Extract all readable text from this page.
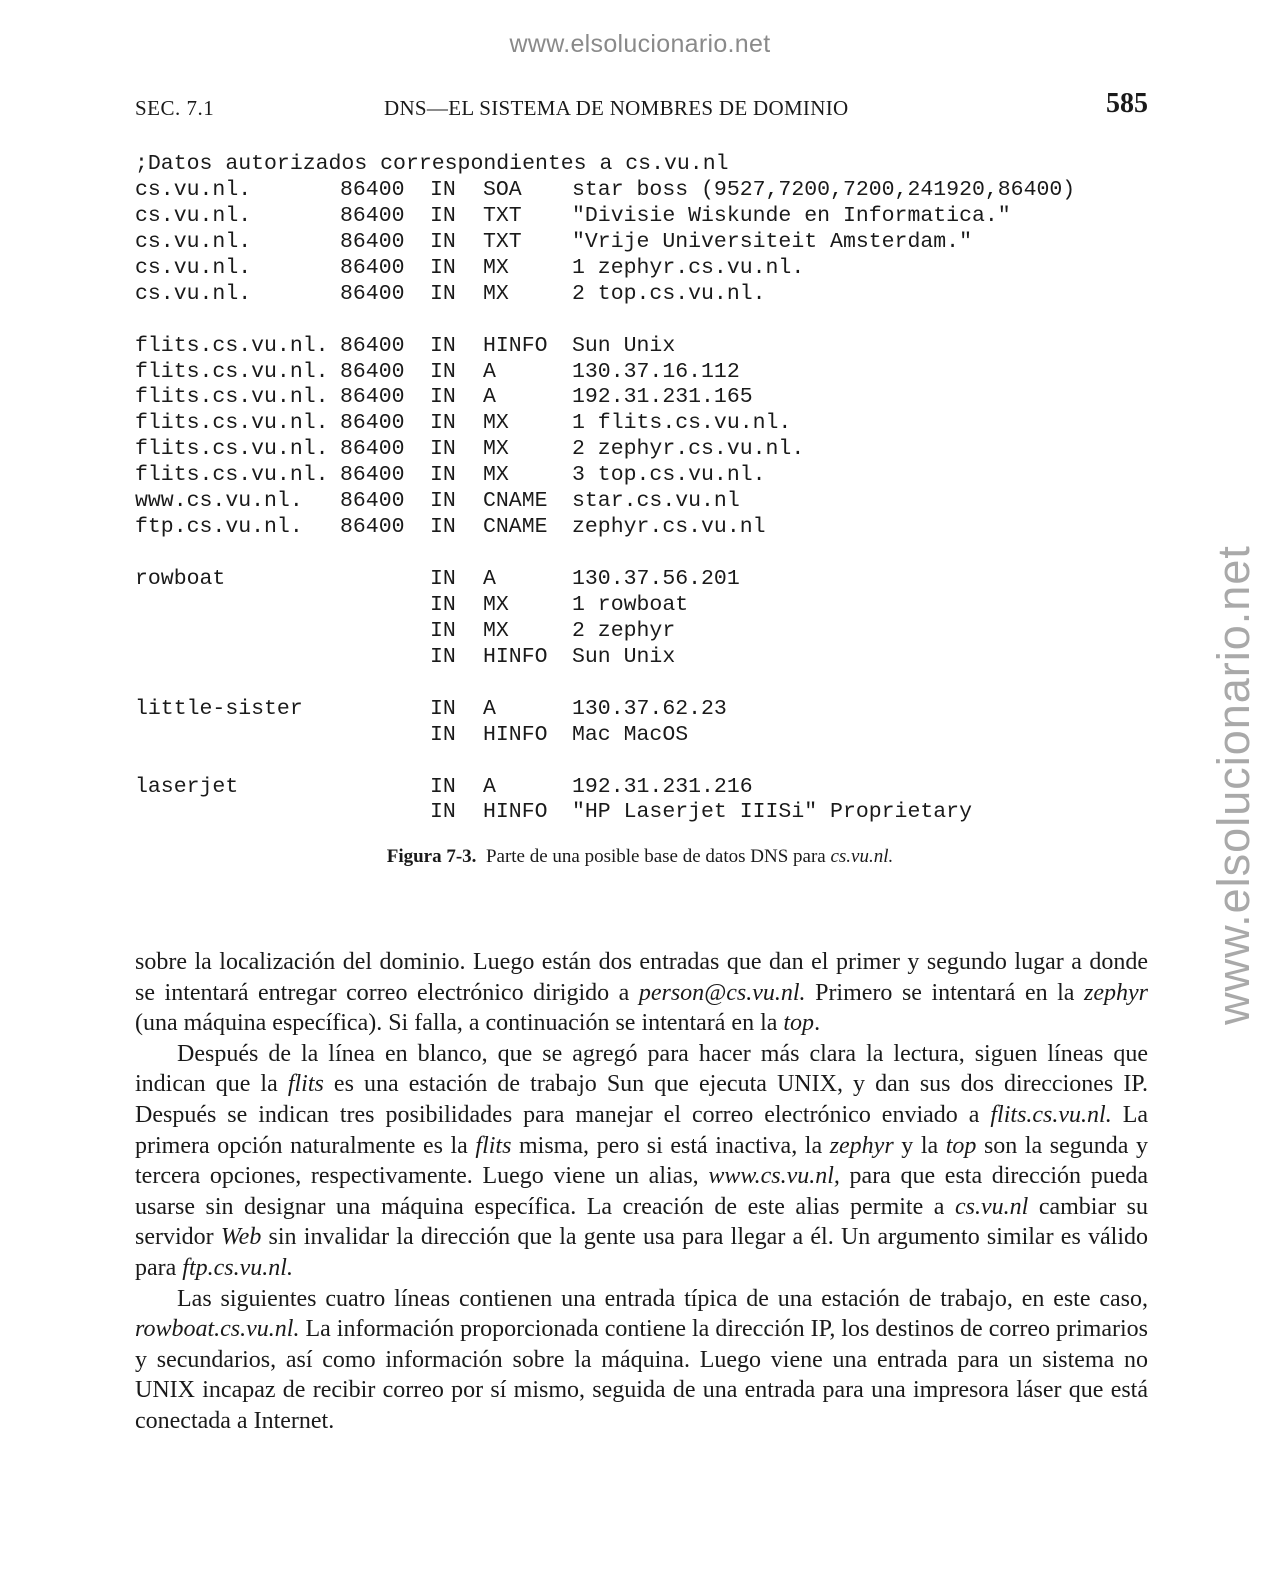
www.elsolucionario.net
www.elsolucionario.net
SEC. 7.1	DNS—EL SISTEMA DE NOMBRES DE DOMINIO	585
;Datos autorizados correspondientes a cs.vu.nl
cs.vu.nl.	86400 IN SOA star boss (9527,7200,7200,241920,86400)
cs.vu.nl.	86400 IN TXT "Divisie Wiskunde en Informatica."
cs.vu.nl.	86400 IN TXT "Vrije Universiteit Amsterdam."
cs.vu.nl.	86400 IN MX	1 zephyr.cs.vu.nl.
cs.vu.nl.	86400 IN MX	2 top.cs.vu.nl.
flits.cs.vu.nl. 86400 IN HINFO Sun Unix
flits.cs.vu.nl. 86400 IN A	130.37.16.112
flits.cs.vu.nl. 86400 IN A	192.31.231.165
flits.cs.vu.nl. 86400 IN MX	1 flits.cs.vu.nl.
flits.cs.vu.nl. 86400 IN MX	2 zephyr.cs.vu.nl.
flits.cs.vu.nl. 86400 IN MX	3 top.cs.vu.nl.
www.cs.vu.nl. 86400 IN CNAME star.cs.vu.nl
ftp.cs.vu.nl. 86400 IN CNAME zephyr.cs.vu.nl
rowboat	IN A	130.37.56.201
IN MX	1 rowboat
IN MX	2 zephyr
IN HINFO Sun Unix
little-sister	IN A	130.37.62.23
IN HINFO Mac MacOS
laserjet	IN A	192.31.231.216
IN HINFO "HP Laserjet IIISi" Proprietary
Figura 7-3. Parte de una posible base de datos DNS para cs.vu.nl.

sobre la localización del dominio. Luego están dos entradas que dan el primer y segundo lugar a donde se intentará entregar correo electrónico dirigido a person@cs.vu.nl. Primero se intentará en la zephyr (una máquina específica). Si falla, a continuación se intentará en la top.

Después de la línea en blanco, que se agregó para hacer más clara la lectura, siguen líneas que indican que la flits es una estación de trabajo Sun que ejecuta UNIX, y dan sus dos direcciones IP. Después se indican tres posibilidades para manejar el correo electrónico enviado a flits.cs.vu.nl. La primera opción naturalmente es la flits misma, pero si está inactiva, la zephyr y la top son la segunda y tercera opciones, respectivamente. Luego viene un alias, www.cs.vu.nl, para que esta dirección pueda usarse sin designar una máquina específica. La creación de este alias permite a cs.vu.nl cambiar su servidor Web sin invalidar la dirección que la gente usa para llegar a él. Un argumento similar es válido para ftp.cs.vu.nl.

Las siguientes cuatro líneas contienen una entrada típica de una estación de trabajo, en este caso, rowboat.cs.vu.nl. La información proporcionada contiene la dirección IP, los destinos de correo primarios y secundarios, así como información sobre la máquina. Luego viene una entrada para un sistema no UNIX incapaz de recibir correo por sí mismo, seguida de una entrada para una impresora láser que está conectada a Internet.
